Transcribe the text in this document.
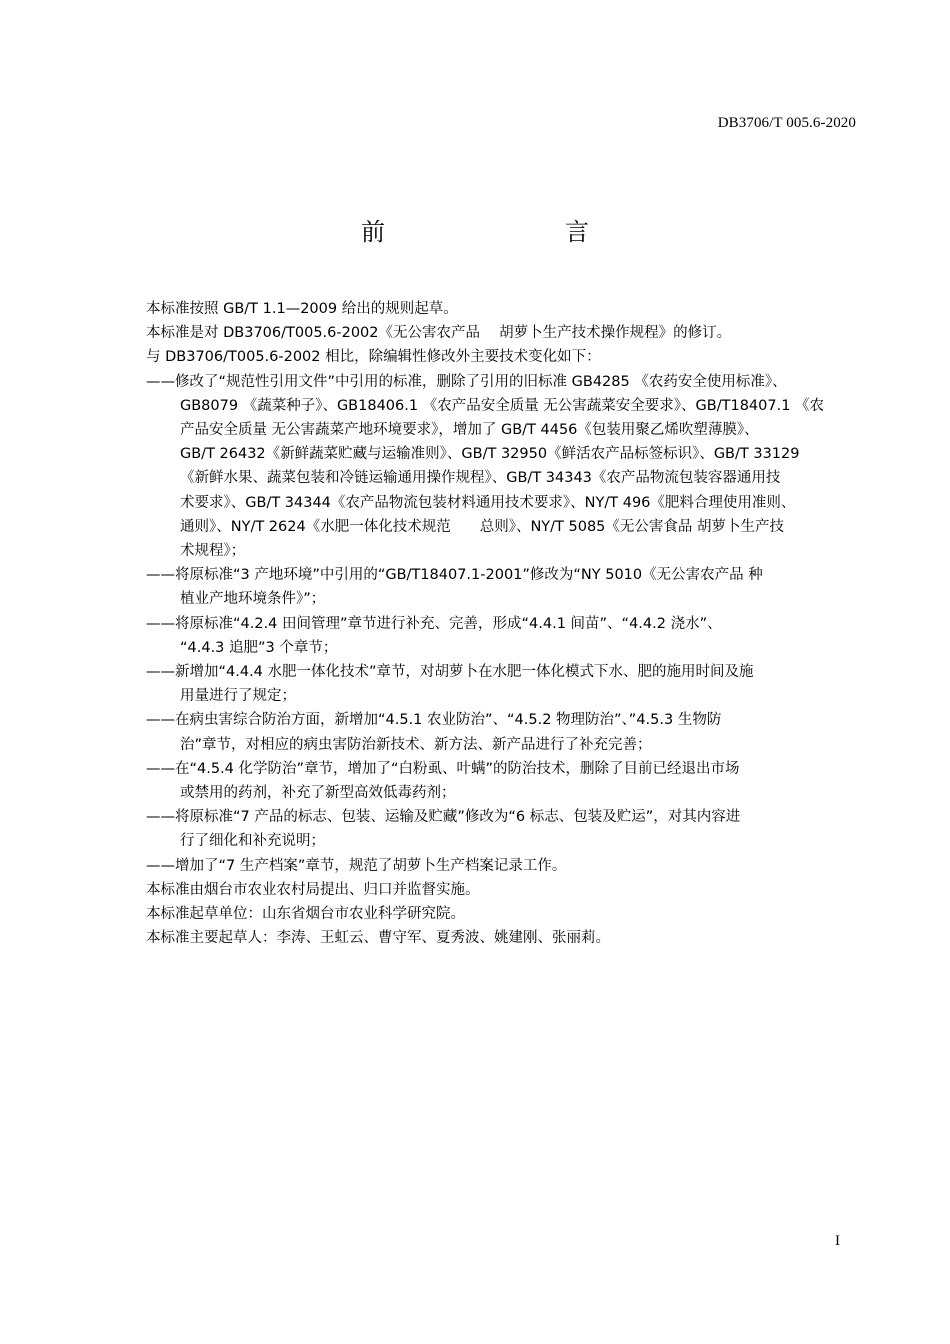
DB3706/T 005.6-2020
前　　言

本标准按照 GB/T 1.1—2009 给出的规则起草。

本标准是对 DB3706/T005.6-2002《无公害农产品　 胡萝卜生产技术操作规程》的修订。

与 DB3706/T005.6-2002 相比，除编辑性修改外主要技术变化如下：

——修改了“规范性引用文件”中引用的标准，删除了引用的旧标准 GB4285 《农药安全使用标准》、
GB8079 《蔬菜种子》、GB18406.1 《农产品安全质量 无公害蔬菜安全要求》、GB/T18407.1 《农
产品安全质量 无公害蔬菜产地环境要求》，增加了 GB/T 4456《包装用聚乙烯吹塑薄膜》、
GB/T 26432《新鲜蔬菜贮藏与运输准则》、GB/T 32950《鲜活农产品标签标识》、GB/T 33129
《新鲜水果、蔬菜包装和冷链运输通用操作规程》、GB/T 34343《农产品物流包装容器通用技
术要求》、GB/T 34344《农产品物流包装材料通用技术要求》、NY/T 496《肥料合理使用准则、
通则》、NY/T 2624《水肥一体化技术规范　　总则》、NY/T 5085《无公害食品 胡萝卜生产技
术规程》；
——将原标准“3 产地环境”中引用的“GB/T18407.1-2001”修改为“NY 5010《无公害农产品 种
植业产地环境条件》”；
——将原标准“4.2.4 田间管理”章节进行补充、完善，形成“4.4.1 间苗”、“4.4.2 浇水”、
“4.4.3 追肥”3 个章节；
——新增加“4.4.4 水肥一体化技术”章节，对胡萝卜在水肥一体化模式下水、肥的施用时间及施
用量进行了规定；
——在病虫害综合防治方面，新增加“4.5.1 农业防治”、“4.5.2 物理防治”、”4.5.3 生物防
治”章节，对相应的病虫害防治新技术、新方法、新产品进行了补充完善；
——在“4.5.4 化学防治”章节，增加了“白粉虱、叶螨”的防治技术，删除了目前已经退出市场
或禁用的药剂，补充了新型高效低毒药剂；
——将原标准“7 产品的标志、包装、运输及贮藏”修改为“6 标志、包装及贮运”，对其内容进
行了细化和补充说明；
——增加了“7 生产档案”章节，规范了胡萝卜生产档案记录工作。

本标准由烟台市农业农村局提出、归口并监督实施。

本标准起草单位：山东省烟台市农业科学研究院。

本标准主要起草人：李涛、王虹云、曹守军、夏秀波、姚建刚、张丽莉。

I
